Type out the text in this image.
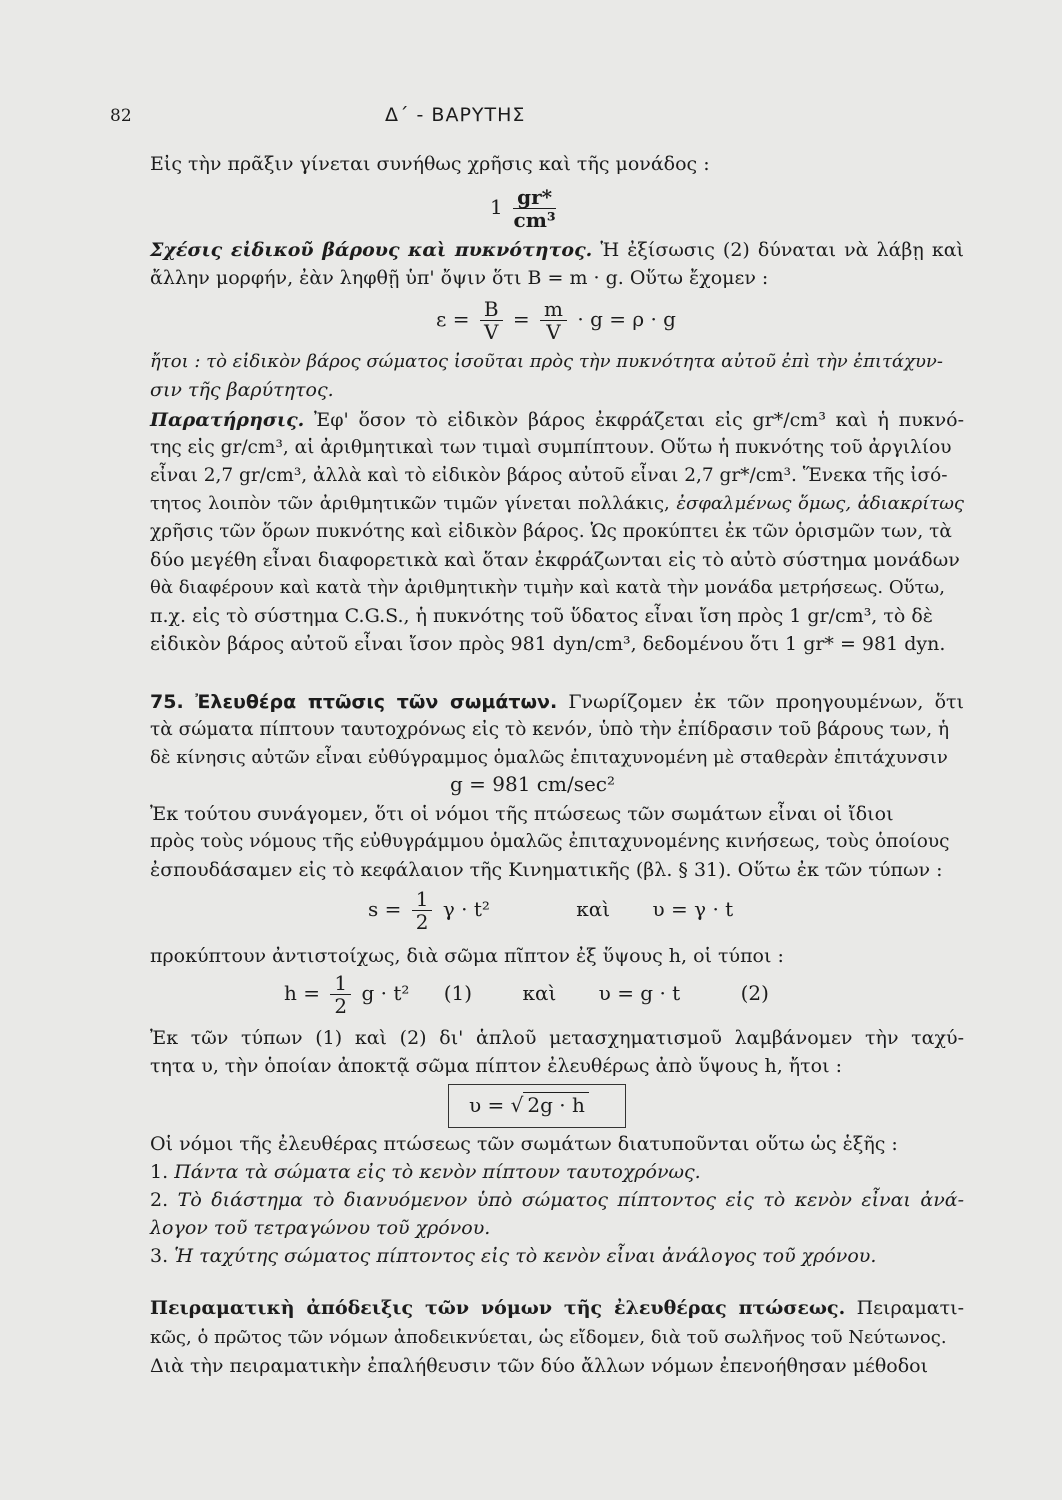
82	Δ΄ - ΒΑΡΥΤΗΣ
Εἰς τὴν πρᾶξιν γίνεται συνήθως χρῆσις καὶ τῆς μονάδος :
$1 \frac{gr*}{\text{cm³}}$
Σχέσις εἰδικοῦ βάρους καὶ πυκνότητος. Ἡ ἐξίσωσις (2) δύναται νὰ λάβῃ καὶ
ἄλλην μορφήν, ἐὰν ληφθῇ ὑπ' ὄψιν ὅτι B = m · g. Οὕτω ἔχομεν :
$\varepsilon = \frac{B}{V} = \frac{m}{V} \cdot g = \rho \cdot g$
ἤτοι : τὸ εἰδικὸν βάρος σώματος ἰσοῦται πρὸς τὴν πυκνότητα αὐτοῦ ἐπὶ τὴν ἐπιτάχυν-
σιν τῆς βαρύτητος.
Παρατήρησις. Ἐφ' ὅσον τὸ εἰδικὸν βάρος ἐκφράζεται εἰς gr*/cm³ καὶ ἡ πυκνό-
της εἰς gr/cm³, αἱ ἀριθμητικαὶ των τιμαὶ συμπίπτουν. Οὕτω ἡ πυκνότης τοῦ ἀργιλίου
εἶναι 2,7 gr/cm³, ἀλλὰ καὶ τὸ εἰδικὸν βάρος αὐτοῦ εἶναι 2,7 gr*/cm³. Ἕνεκα τῆς ἰσό-
τητος λοιπὸν τῶν ἀριθμητικῶν τιμῶν γίνεται πολλάκις, ἐσφαλμένως ὅμως, ἀδιακρίτως
χρῆσις τῶν ὅρων πυκνότης καὶ εἰδικὸν βάρος. Ὡς προκύπτει ἐκ τῶν ὁρισμῶν των, τὰ
δύο μεγέθη εἶναι διαφορετικὰ καὶ ὅταν ἐκφράζωνται εἰς τὸ αὐτὸ σύστημα μονάδων
θὰ διαφέρουν καὶ κατὰ τὴν ἀριθμητικὴν τιμὴν καὶ κατὰ τὴν μονάδα μετρήσεως. Οὕτω,
π.χ. εἰς τὸ σύστημα C.G.S., ἡ πυκνότης τοῦ ὕδατος εἶναι ἴση πρὸς 1 gr/cm³, τὸ δὲ
εἰδικὸν βάρος αὐτοῦ εἶναι ἴσον πρὸς 981 dyn/cm³, δεδομένου ὅτι 1 gr* = 981 dyn.
75. Ἐλευθέρα πτῶσις τῶν σωμάτων. Γνωρίζομεν ἐκ τῶν προηγουμένων, ὅτι
τὰ σώματα πίπτουν ταυτοχρόνως εἰς τὸ κενόν, ὑπὸ τὴν ἐπίδρασιν τοῦ βάρους των, ἡ
δὲ κίνησις αὐτῶν εἶναι εὐθύγραμμος ὁμαλῶς ἐπιταχυνομένη μὲ σταθερὰν ἐπιτάχυνσιν
g = 981 cm/sec²
Ἐκ τούτου συνάγομεν, ὅτι οἱ νόμοι τῆς πτώσεως τῶν σωμάτων εἶναι οἱ ἴδιοι
πρὸς τοὺς νόμους τῆς εὐθυγράμμου ὁμαλῶς ἐπιταχυνομένης κινήσεως, τοὺς ὁποίους
ἐσπουδάσαμεν εἰς τὸ κεφάλαιον τῆς Κινηματικῆς (βλ. § 31). Οὕτω ἐκ τῶν τύπων :
$s = \frac{1}{2}$ γ · t²	καὶ υ = γ · t
προκύπτουν ἀντιστοίχως, διὰ σῶμα πῖπτον ἐξ ὕψους h, οἱ τύποι :
$h = \frac{1}{2}$ g · t² (1)	καὶ υ = g · t	(2)
Ἐκ τῶν τύπων (1) καὶ (2) δι' ἁπλοῦ μετασχηματισμοῦ λαμβάνομεν τὴν ταχύ-
τητα υ, τὴν ὁποίαν ἀποκτᾷ σῶμα πίπτον ἐλευθέρως ἀπὸ ὕψους h, ἤτοι :
υ = √ 2g · h
Οἱ νόμοι τῆς ἐλευθέρας πτώσεως τῶν σωμάτων διατυποῦνται οὕτω ὡς ἑξῆς :
1. Πάντα τὰ σώματα εἰς τὸ κενὸν πίπτουν ταυτοχρόνως.
2. Τὸ διάστημα τὸ διανυόμενον ὑπὸ σώματος πίπτοντος εἰς τὸ κενὸν εἶναι ἀνά-
λογον τοῦ τετραγώνου τοῦ χρόνου.
3. Ἡ ταχύτης σώματος πίπτοντος εἰς τὸ κενὸν εἶναι ἀνάλογος τοῦ χρόνου.
Πειραματικὴ ἀπόδειξις τῶν νόμων τῆς ἐλευθέρας πτώσεως. Πειραματι-
κῶς, ὁ πρῶτος τῶν νόμων ἀποδεικνύεται, ὡς εἴδομεν, διὰ τοῦ σωλῆνος τοῦ Νεύτωνος.
Διὰ τὴν πειραματικὴν ἐπαλήθευσιν τῶν δύο ἄλλων νόμων ἐπενοήθησαν μέθοδοι
